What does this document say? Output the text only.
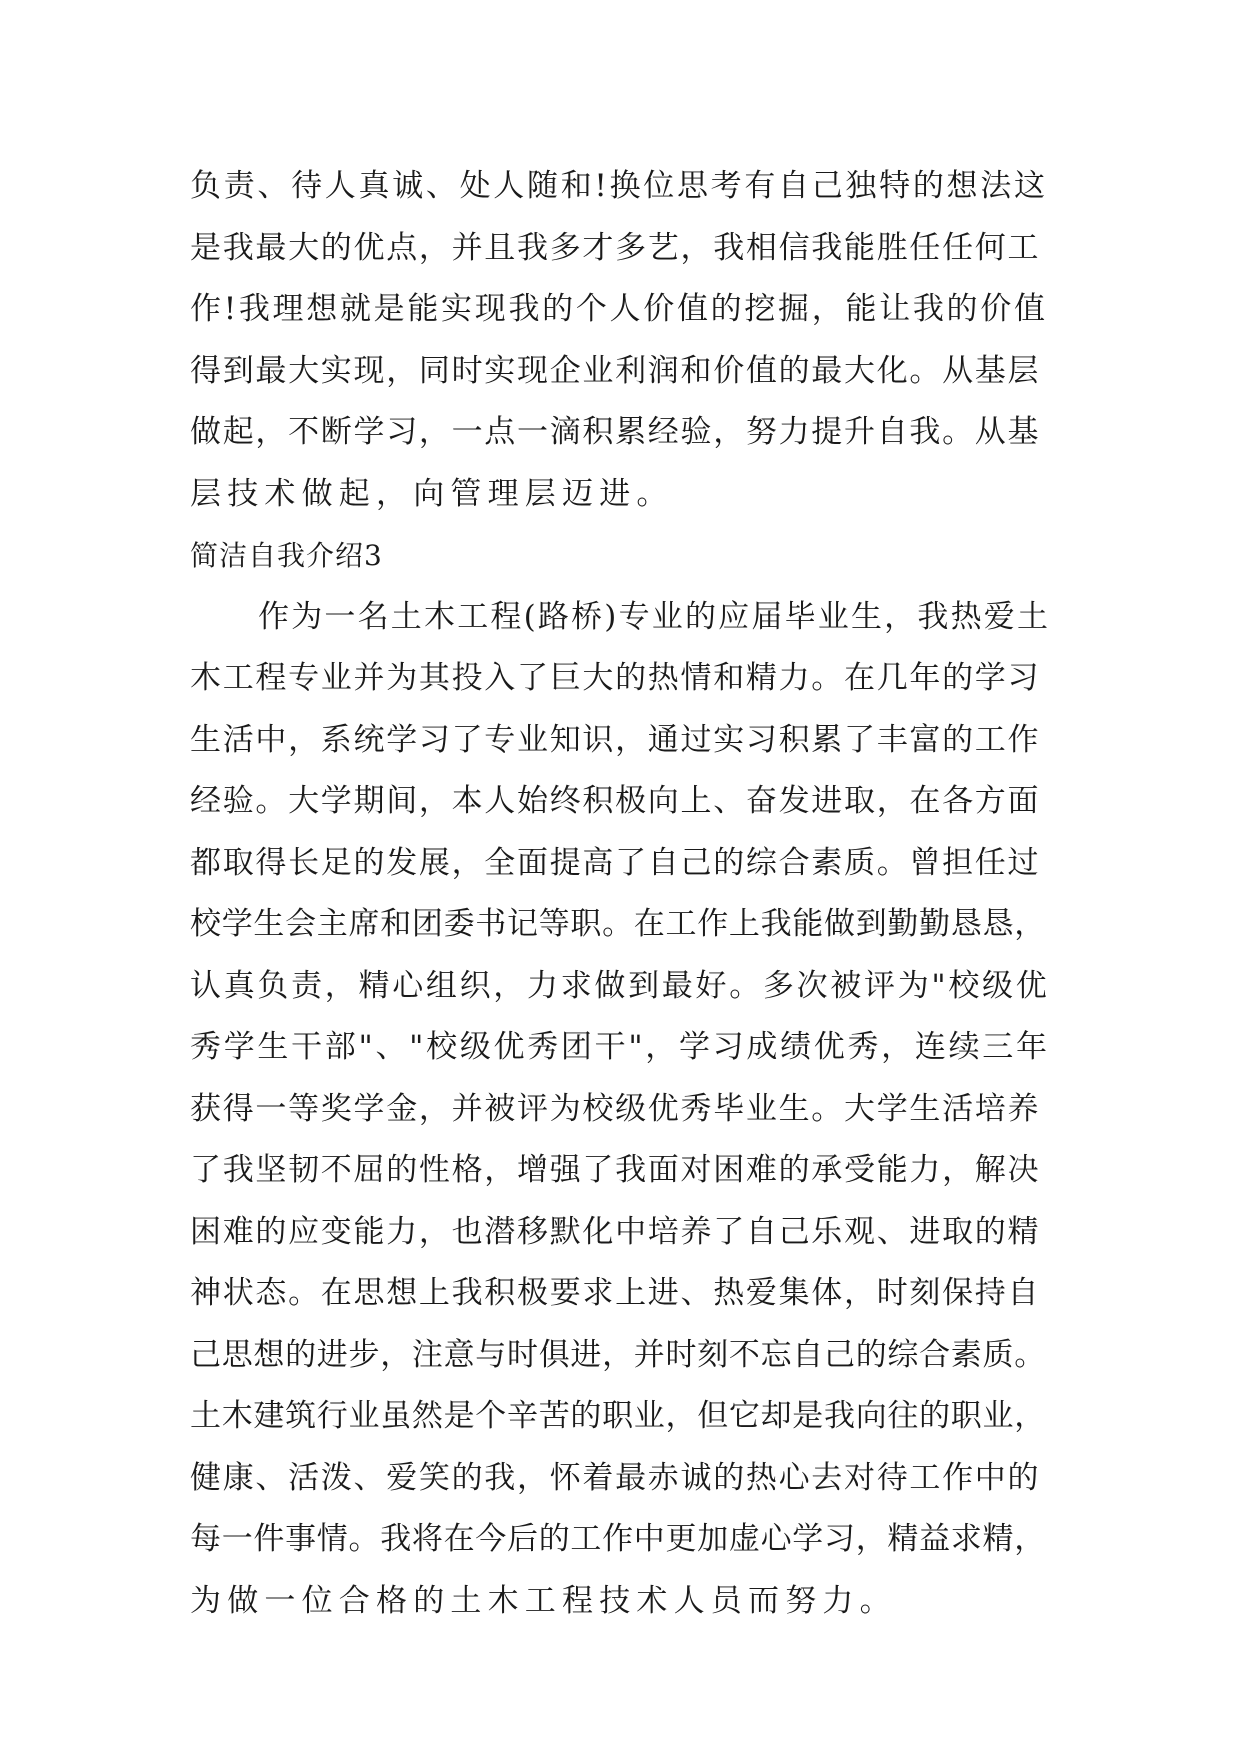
负责、待人真诚、处人随和!换位思考有自己独特的想法这
是我最大的优点，并且我多才多艺，我相信我能胜任任何工
作!我理想就是能实现我的个人价值的挖掘，能让我的价值
得到最大实现，同时实现企业利润和价值的最大化。从基层
做起，不断学习，一点一滴积累经验，努力提升自我。从基
层技术做起，向管理层迈进。
简洁自我介绍3
作为一名土木工程(路桥)专业的应届毕业生，我热爱土
木工程专业并为其投入了巨大的热情和精力。在几年的学习
生活中，系统学习了专业知识，通过实习积累了丰富的工作
经验。大学期间，本人始终积极向上、奋发进取，在各方面
都取得长足的发展，全面提高了自己的综合素质。曾担任过
校学生会主席和团委书记等职。在工作上我能做到勤勤恳恳，
认真负责，精心组织，力求做到最好。多次被评为"校级优
秀学生干部"、"校级优秀团干"，学习成绩优秀，连续三年
获得一等奖学金，并被评为校级优秀毕业生。大学生活培养
了我坚韧不屈的性格，增强了我面对困难的承受能力，解决
困难的应变能力，也潜移默化中培养了自己乐观、进取的精
神状态。在思想上我积极要求上进、热爱集体，时刻保持自
己思想的进步，注意与时俱进，并时刻不忘自己的综合素质。
土木建筑行业虽然是个辛苦的职业，但它却是我向往的职业，
健康、活泼、爱笑的我，怀着最赤诚的热心去对待工作中的
每一件事情。我将在今后的工作中更加虚心学习，精益求精，
为做一位合格的土木工程技术人员而努力。
